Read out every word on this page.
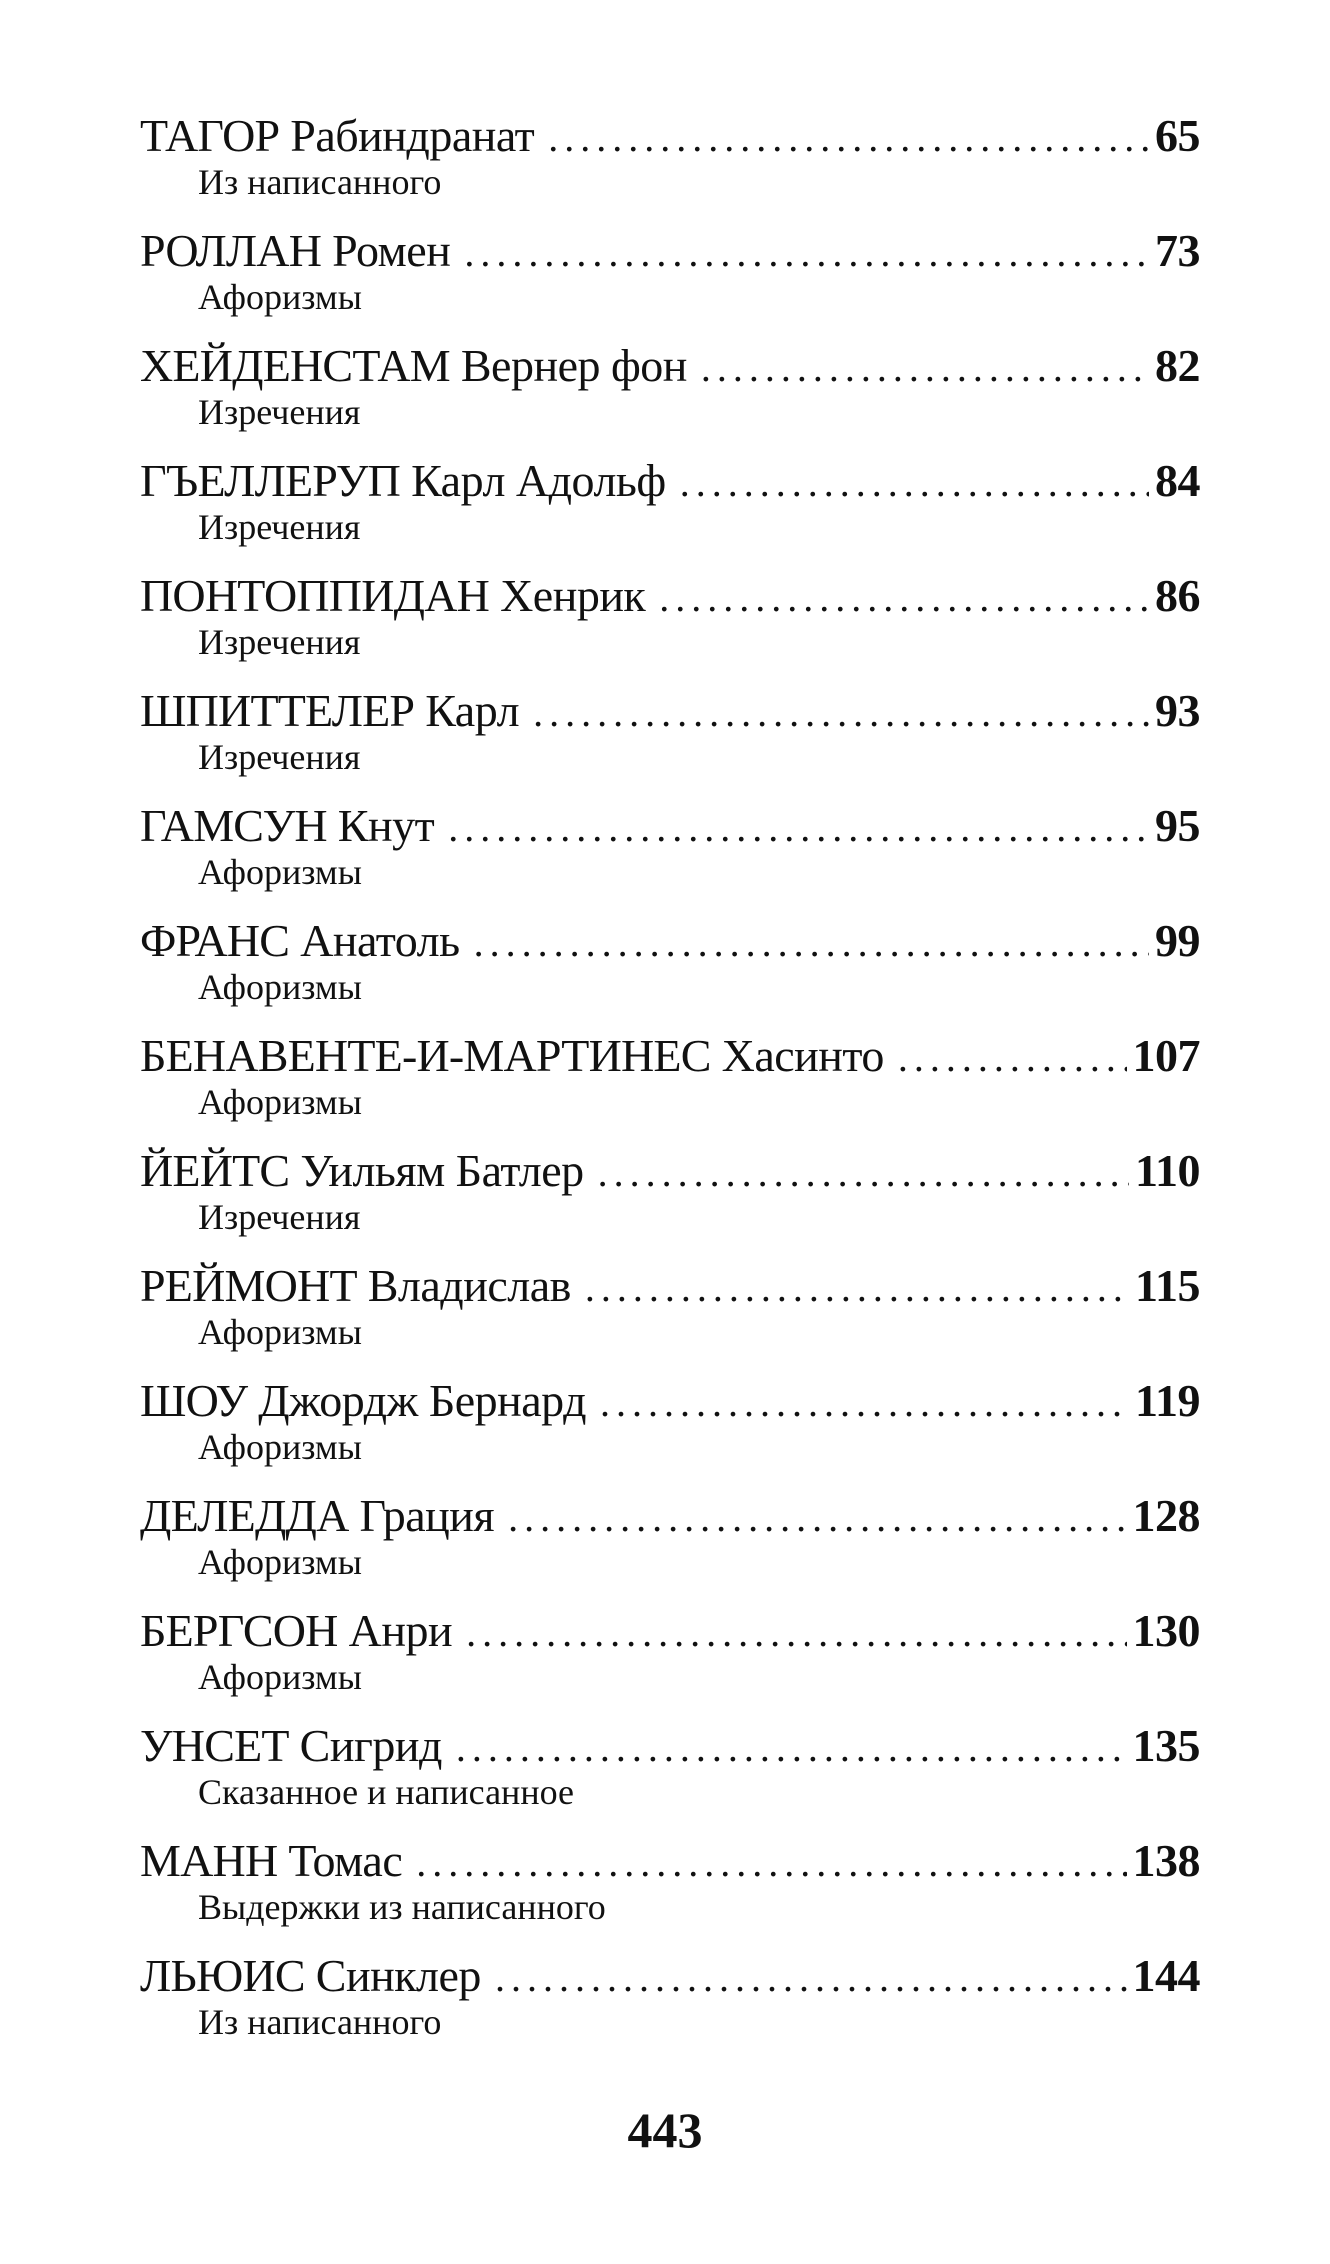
ТАГОР Рабиндранат .....	65
Из написанного
РОЛЛАН Ромен .....	73
Афоризмы
ХЕЙДЕНСТАМ Вернер фон .....	82
Изречения
ГЪЕЛЛЕРУП Карл Адольф .....	84
Изречения
ПОНТОППИДАН Хенрик .....	86
Изречения
ШПИТТЕЛЕР Карл .....	93
Изречения
ГАМСУН Кнут .....	95
Афоризмы
ФРАНС Анатоль .....	99
Афоризмы
БЕНАВЕНТЕ-И-МАРТИНЕС Хасинто .....	107
Афоризмы
ЙЕЙТС Уильям Батлер .....	110
Изречения
РЕЙМОНТ Владислав .....	115
Афоризмы
ШОУ Джордж Бернард .....	119
Афоризмы
ДЕЛЕДДА Грация .....	128
Афоризмы
БЕРГСОН Анри .....	130
Афоризмы
УНСЕТ Сигрид .....	135
Сказанное и написанное
МАНН Томас .....	138
Выдержки из написанного
ЛЬЮИС Синклер .....	144
Из написанного
443
